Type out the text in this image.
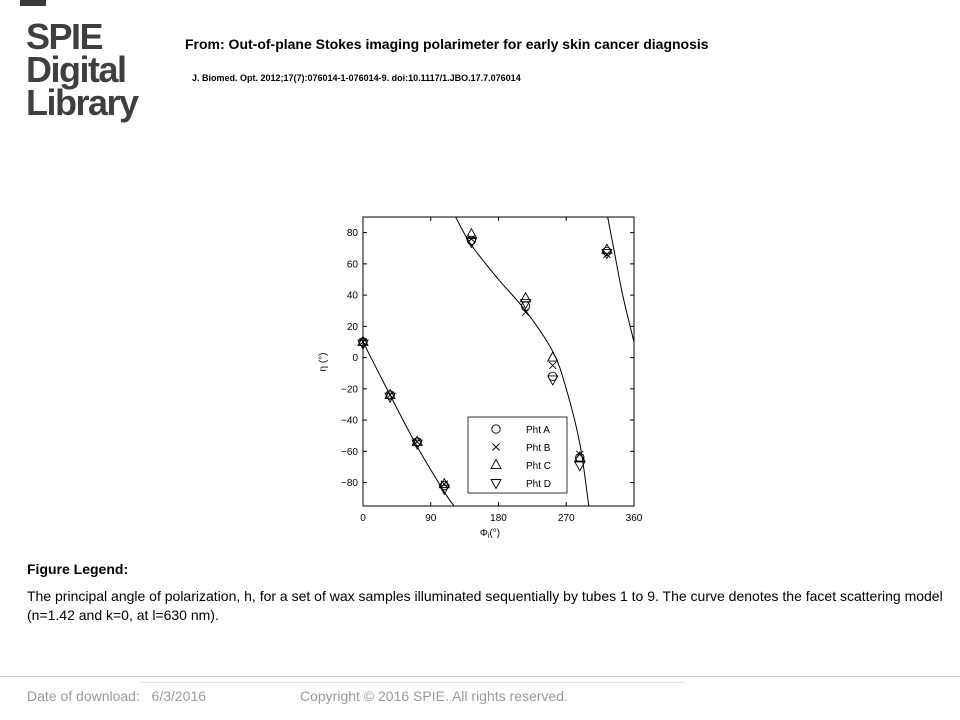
SPIE
Digital
Library
From: Out-of-plane Stokes imaging polarimeter for early skin cancer diagnosis
J. Biomed. Opt. 2012;17(7):076014-1-076014-9. doi:10.1117/1.JBO.17.7.076014
−80
−60
−40
−20
0
20
40
60
80
0	90	180	270	360
η (°)
$\Phi_i(^\circ)$
Pht A
Pht B
Pht C
Pht D
Figure Legend:
The principal angle of polarization, h, for a set of wax samples illuminated sequentially by tubes 1 to 9. The curve denotes the facet scattering model (n=1.42 and k=0, at l=630 nm).
Date of download: 6/3/2016	Copyright © 2016 SPIE. All rights reserved.
